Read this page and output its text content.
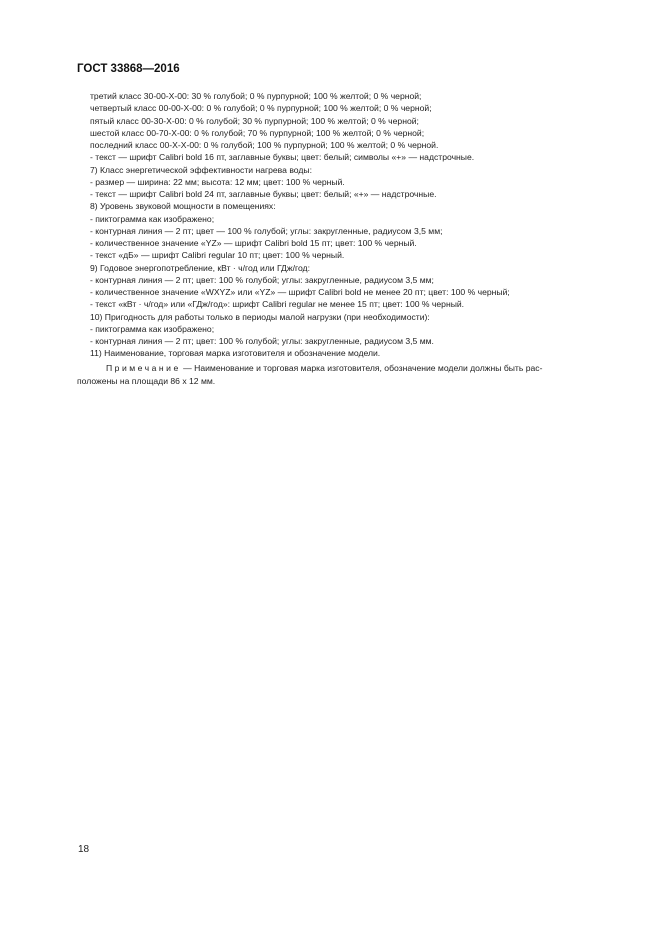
ГОСТ 33868—2016
третий класс 30-00-X-00: 30 % голубой; 0 % пурпурной; 100 % желтой; 0 % черной;
четвертый класс 00-00-X-00: 0 % голубой; 0 % пурпурной; 100 % желтой; 0 % черной;
пятый класс 00-30-X-00: 0 % голубой; 30 % пурпурной; 100 % желтой; 0 % черной;
шестой класс 00-70-X-00: 0 % голубой; 70 % пурпурной; 100 % желтой; 0 % черной;
последний класс 00-X-X-00: 0 % голубой; 100 % пурпурной; 100 % желтой; 0 % черной.
- текст — шрифт Calibri bold 16 пт, заглавные буквы; цвет: белый; символы «+» — надстрочные.
7) Класс энергетической эффективности нагрева воды:
- размер — ширина: 22 мм; высота: 12 мм; цвет: 100 % черный.
- текст — шрифт Calibri bold 24 пт, заглавные буквы; цвет: белый; «+» — надстрочные.
8) Уровень звуковой мощности в помещениях:
- пиктограмма как изображено;
- контурная линия — 2 пт; цвет — 100 % голубой; углы: закругленные, радиусом 3,5 мм;
- количественное значение «YZ» — шрифт Calibri bold 15 пт; цвет: 100 % черный.
- текст «дБ» — шрифт Calibri regular 10 пт; цвет: 100 % черный.
9) Годовое энергопотребление, кВт · ч/год или ГДж/год:
- контурная линия — 2 пт; цвет: 100 % голубой; углы: закругленные, радиусом 3,5 мм;
- количественное значение «WXYZ» или «YZ» — шрифт Calibri bold не менее 20 пт; цвет: 100 % черный;
- текст «кВт · ч/год» или «ГДж/год»: шрифт Calibri regular не менее 15 пт; цвет: 100 % черный.
10) Пригодность для работы только в периоды малой нагрузки (при необходимости):
- пиктограмма как изображено;
- контурная линия — 2 пт; цвет: 100 % голубой; углы: закругленные, радиусом 3,5 мм.
11) Наименование, торговая марка изготовителя и обозначение модели.
Примечание — Наименование и торговая марка изготовителя, обозначение модели должны быть рас-
положены на площади 86 x 12 мм.
18
